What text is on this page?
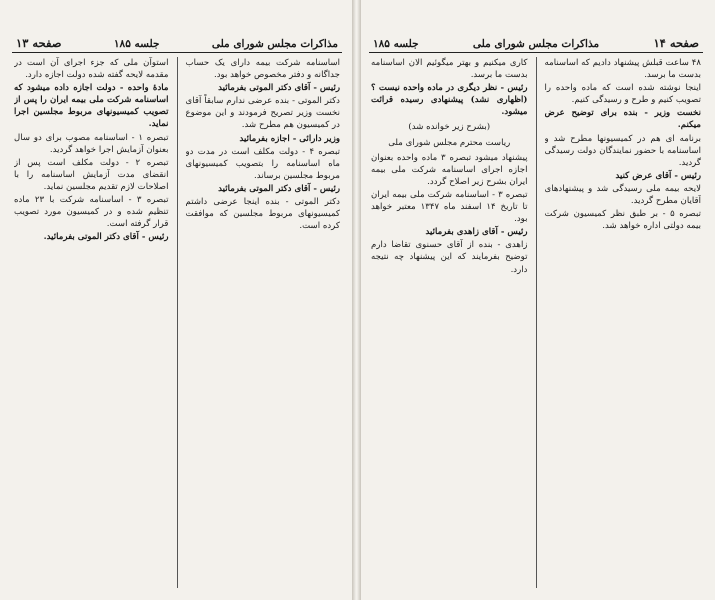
مذاکرات مجلس شورای ملی
جلسه ۱۸۵
صفحه ۱۳

اساسنامه شرکت بیمه دارای یک حساب جداگانه و دفتر مخصوص خواهد بود.

رئیس - آقای دکتر الموتی بفرمائید

دکتر الموتی - بنده عرضی ندارم سابقاً آقای نخست وزیر تصریح فرمودند و این موضوع در کمیسیون هم مطرح شد.

وزیر دارائی - اجازه بفرمائید

تبصره ۴ - دولت مکلف است در مدت دو ماه اساسنامه را بتصویب کمیسیونهای مربوط مجلسین برساند.

رئیس - آقای دکتر الموتی بفرمائید

دکتر الموتی - بنده اینجا عرضی داشتم کمیسیونهای مربوط مجلسین که موافقت کرده است.

استوآن ملی که جزء اجرای آن است در مقدمه لایحه گفته شده دولت اجازه دارد.

مادۀ واحده - دولت اجازه داده میشود که اساسنامه شرکت ملی بیمه ایران را پس از تصویب کمیسیونهای مربوط مجلسین اجرا نماید.

تبصره ۱ - اساسنامه مصوب برای دو سال بعنوان آزمایش اجرا خواهد گردید.

تبصره ۲ - دولت مکلف است پس از انقضای مدت آزمایش اساسنامه را با اصلاحات لازم تقدیم مجلسین نماید.

تبصره ۳ - اساسنامه شرکت با ۲۳ ماده تنظیم شده و در کمیسیون مورد تصویب قرار گرفته است.

رئیس - آقای دکتر الموتی بفرمائید.

صفحه ۱۴
مذاکرات مجلس شورای ملی
جلسه ۱۸۵

۴۸ ساعت قبلش پیشنهاد دادیم که اساسنامه بدست ما برسد.

اینجا نوشته شده است که ماده واحده را تصویب کنیم و طرح و رسیدگی کنیم.

نخست وزیر - بنده برای توضیح عرض میکنم.

برنامه ای هم در کمیسیونها مطرح شد و اساسنامه با حضور نمایندگان دولت رسیدگی گردید.

رئیس - آقای عرض کنید

لایحه بیمه ملی رسیدگی شد و پیشنهادهای آقایان مطرح گردید.

تبصره ۵ - بر طبق نظر کمیسیون شرکت بیمه دولتی اداره خواهد شد.

کاری میکنیم و بهتر میگوئیم الان اساسنامه بدست ما برسد.

رئیس - نظر دیگری در ماده واحده نیست ؟ (اظهاری نشد) پیشنهادی رسیده قرائت میشود.

(بشرح زیر خوانده شد)

ریاست محترم مجلس شورای ملی

پیشنهاد میشود تبصره ۳ ماده واحده بعنوان اجازه اجرای اساسنامه شرکت ملی بیمه ایران بشرح زیر اصلاح گردد.

تبصره ۳ - اساسنامه شرکت ملی بیمه ایران تا تاریخ ۱۴ اسفند ماه ۱۳۴۷ معتبر خواهد بود.

رئیس - آقای زاهدی بفرمائید

زاهدی - بنده از آقای حسنوی تقاضا دارم توضیح بفرمایند که این پیشنهاد چه نتیجه دارد.
